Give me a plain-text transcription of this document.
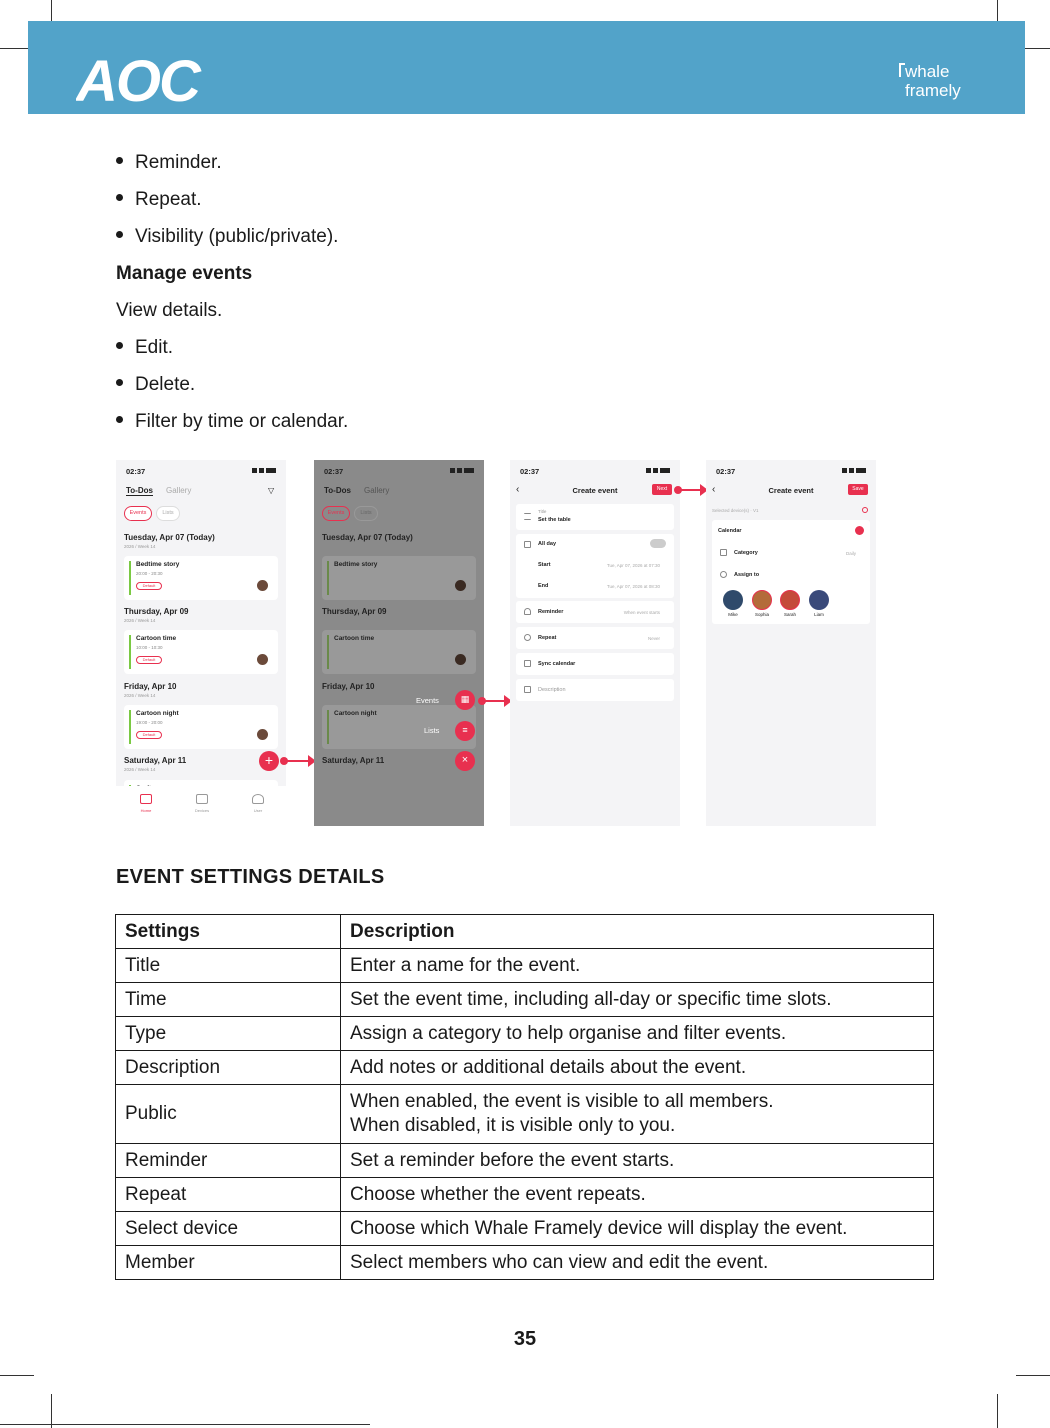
AOC	whale
framely
Reminder.
Repeat.
Visibility (public/private).
Manage events
View details.
Edit.
Delete.
Filter by time or calendar.
02:37
To-Dos Gallery	▽
Events	Lists
Tuesday, Apr 07 (Today)
2026 / Week 14
Bedtime story
20:00 - 20:30
Default
Thursday, Apr 09
2026 / Week 14
Cartoon time
10:00 - 10:30
Default
Friday, Apr 10
2026 / Week 14
Cartoon night
19:00 - 20:00
Default
Saturday, Apr 11
2026 / Week 14
+
Home	Devices	User
02:37
To-Dos Gallery
Events	Lists
Tuesday, Apr 07 (Today)
Bedtime story
Thursday, Apr 09
Cartoon time
Friday, Apr 10
Cartoon night
Saturday, Apr 11
Events	▦
Lists	≡
×
02:37
‹	Create event	Next
Title
Set the table
All day
Start	Tue, Apr 07, 2026 at 07:30
End	Tue, Apr 07, 2026 at 08:30
Reminder	When event starts
Repeat	Never
Sync calendar
Description
02:37
‹	Create event	Save
Selected device(s) · V1
Calendar
Category	Daily
Assign to
Mike	Sophia	Sarah	Liam
EVENT SETTINGS DETAILS
Settings	Description
Title	Enter a name for the event.
Time	Set the event time, including all-day or specific time slots.
Type	Assign a category to help organise and filter events.
Description	Add notes or additional details about the event.
Public	When enabled, the event is visible to all members.
When disabled, it is visible only to you.

Reminder	Set a reminder before the event starts.
Repeat	Choose whether the event repeats.
Select device	Choose which Whale Framely device will display the event.
Member	Select members who can view and edit the event.
35
